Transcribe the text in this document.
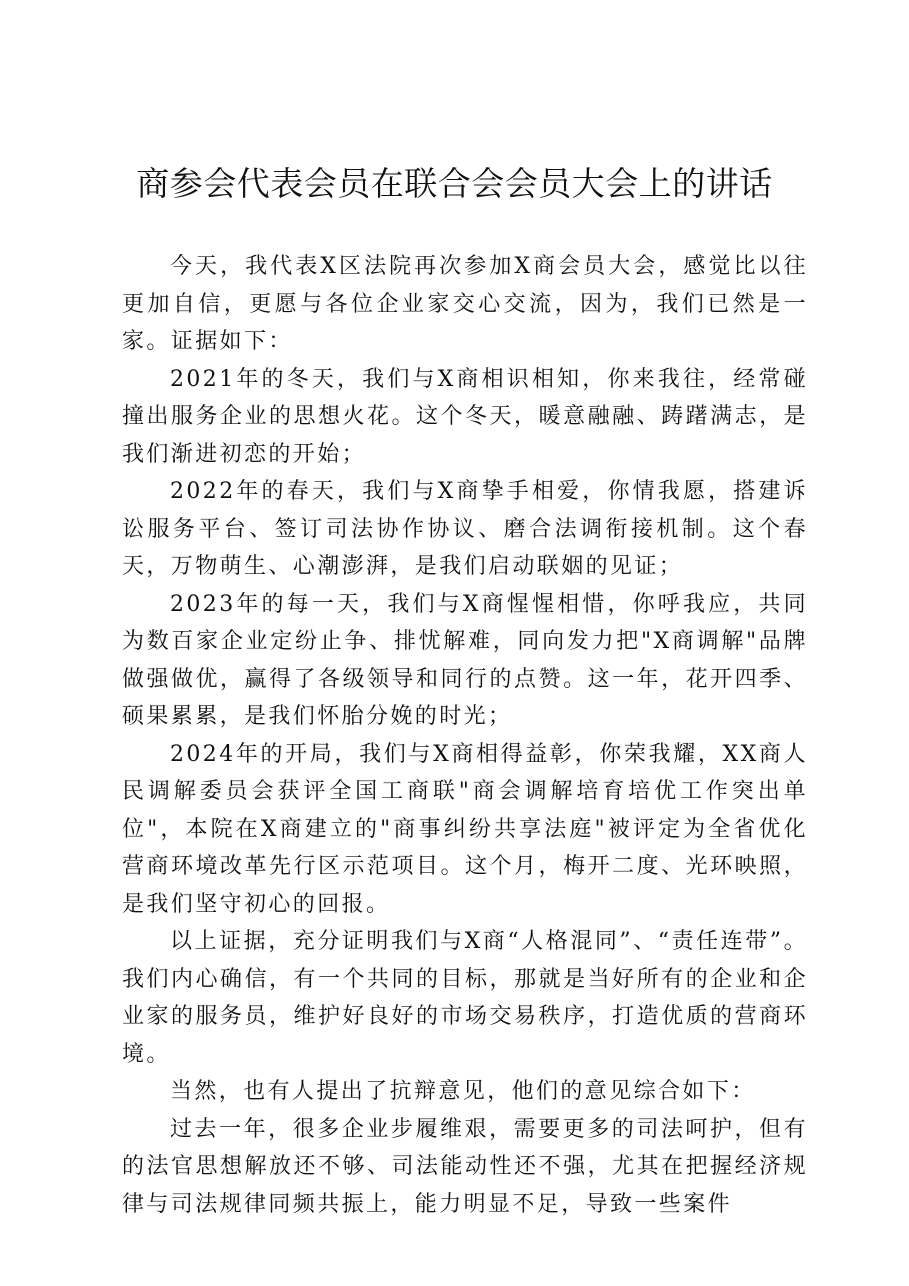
商参会代表会员在联合会会员大会上的讲话

今天，我代表X区法院再次参加X商会员大会，感觉比以往更加自信，更愿与各位企业家交心交流，因为，我们已然是一家。证据如下：

2021年的冬天，我们与X商相识相知，你来我往，经常碰撞出服务企业的思想火花。这个冬天，暖意融融、踌躇满志，是我们渐进初恋的开始；

2022年的春天，我们与X商挚手相爱，你情我愿，搭建诉讼服务平台、签订司法协作协议、磨合法调衔接机制。这个春天，万物萌生、心潮澎湃，是我们启动联姻的见证；

2023年的每一天，我们与X商惺惺相惜，你呼我应，共同为数百家企业定纷止争、排忧解难，同向发力把"X商调解"品牌做强做优，赢得了各级领导和同行的点赞。这一年，花开四季、硕果累累，是我们怀胎分娩的时光；

2024年的开局，我们与X商相得益彰，你荣我耀，XX商人民调解委员会获评全国工商联"商会调解培育培优工作突出单位"，本院在X商建立的"商事纠纷共享法庭"被评定为全省优化营商环境改革先行区示范项目。这个月，梅开二度、光环映照，是我们坚守初心的回报。

以上证据，充分证明我们与X商“人格混同”、“责任连带”。我们内心确信，有一个共同的目标，那就是当好所有的企业和企业家的服务员，维护好良好的市场交易秩序，打造优质的营商环境。

当然，也有人提出了抗辩意见，他们的意见综合如下：

过去一年，很多企业步履维艰，需要更多的司法呵护，但有的法官思想解放还不够、司法能动性还不强，尤其在把握经济规律与司法规律同频共振上，能力明显不足，导致一些案件
